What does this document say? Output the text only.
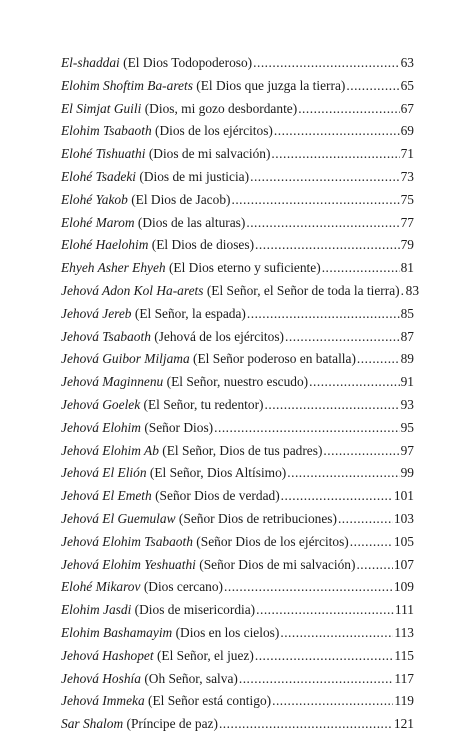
El-shaddai (El Dios Todopoderoso) .....	63
Elohim Shoftim Ba-arets (El Dios que juzga la tierra) .....	65
El Simjat Guili (Dios, mi gozo desbordante) .....	67
Elohim Tsabaoth (Dios de los ejércitos) .....	69
Elohé Tishuathi (Dios de mi salvación) .....	71
Elohé Tsadeki (Dios de mi justicia) .....	73
Elohé Yakob (El Dios de Jacob) .....	75
Elohé Marom (Dios de las alturas) .....	77
Elohé Haelohim (El Dios de dioses) .....	79
Ehyeh Asher Ehyeh (El Dios eterno y suficiente) .....	81
Jehová Adon Kol Ha-arets (El Señor, el Señor de toda la tierra) ..... 83
Jehová Jereb (El Señor, la espada) .....	85
Jehová Tsabaoth (Jehová de los ejércitos) .....	87
Jehová Guibor Miljama (El Señor poderoso en batalla) .....	89
Jehová Maginnenu (El Señor, nuestro escudo) .....	91
Jehová Goelek (El Señor, tu redentor) .....	93
Jehová Elohim (Señor Dios) .....	95
Jehová Elohim Ab (El Señor, Dios de tus padres) .....	97
Jehová El Elión (El Señor, Dios Altísimo) .....	99
Jehová El Emeth (Señor Dios de verdad) .....	101
Jehová El Guemulaw (Señor Dios de retribuciones) .....	103
Jehová Elohim Tsabaoth (Señor Dios de los ejércitos) .....	105
Jehová Elohim Yeshuathi (Señor Dios de mi salvación) .....	107
Elohé Mikarov (Dios cercano) .....	109
Elohim Jasdi (Dios de misericordia) .....	111
Elohim Bashamayim (Dios en los cielos) .....	113
Jehová Hashopet (El Señor, el juez) .....	115
Jehová Hoshía (Oh Señor, salva) .....	117
Jehová Immeka (El Señor está contigo) .....	119
Sar Shalom (Príncipe de paz) .....	121
